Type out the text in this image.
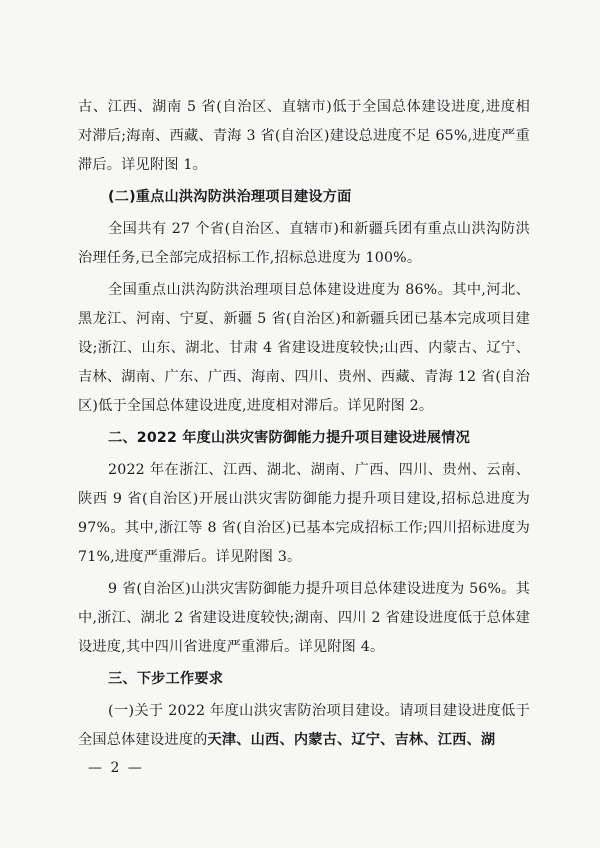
古、江西、湖南 5 省(自治区、直辖市)低于全国总体建设进度,进度相对滞后;海南、西藏、青海 3 省(自治区)建设总进度不足 65%,进度严重滞后。详见附图 1。

(二)重点山洪沟防洪治理项目建设方面

全国共有 27 个省(自治区、直辖市)和新疆兵团有重点山洪沟防洪治理任务,已全部完成招标工作,招标总进度为 100%。

全国重点山洪沟防洪治理项目总体建设进度为 86%。其中,河北、黑龙江、河南、宁夏、新疆 5 省(自治区)和新疆兵团已基本完成项目建设;浙江、山东、湖北、甘肃 4 省建设进度较快;山西、内蒙古、辽宁、吉林、湖南、广东、广西、海南、四川、贵州、西藏、青海 12 省(自治区)低于全国总体建设进度,进度相对滞后。详见附图 2。

二、2022 年度山洪灾害防御能力提升项目建设进展情况

2022 年在浙江、江西、湖北、湖南、广西、四川、贵州、云南、陕西 9 省(自治区)开展山洪灾害防御能力提升项目建设,招标总进度为 97%。其中,浙江等 8 省(自治区)已基本完成招标工作;四川招标进度为 71%,进度严重滞后。详见附图 3。

9 省(自治区)山洪灾害防御能力提升项目总体建设进度为 56%。其中,浙江、湖北 2 省建设进度较快;湖南、四川 2 省建设进度低于总体建设进度,其中四川省进度严重滞后。详见附图 4。

三、下步工作要求

(一)关于 2022 年度山洪灾害防治项目建设。请项目建设进度低于全国总体建设进度的天津、山西、内蒙古、辽宁、吉林、江西、湖

— 2 —
